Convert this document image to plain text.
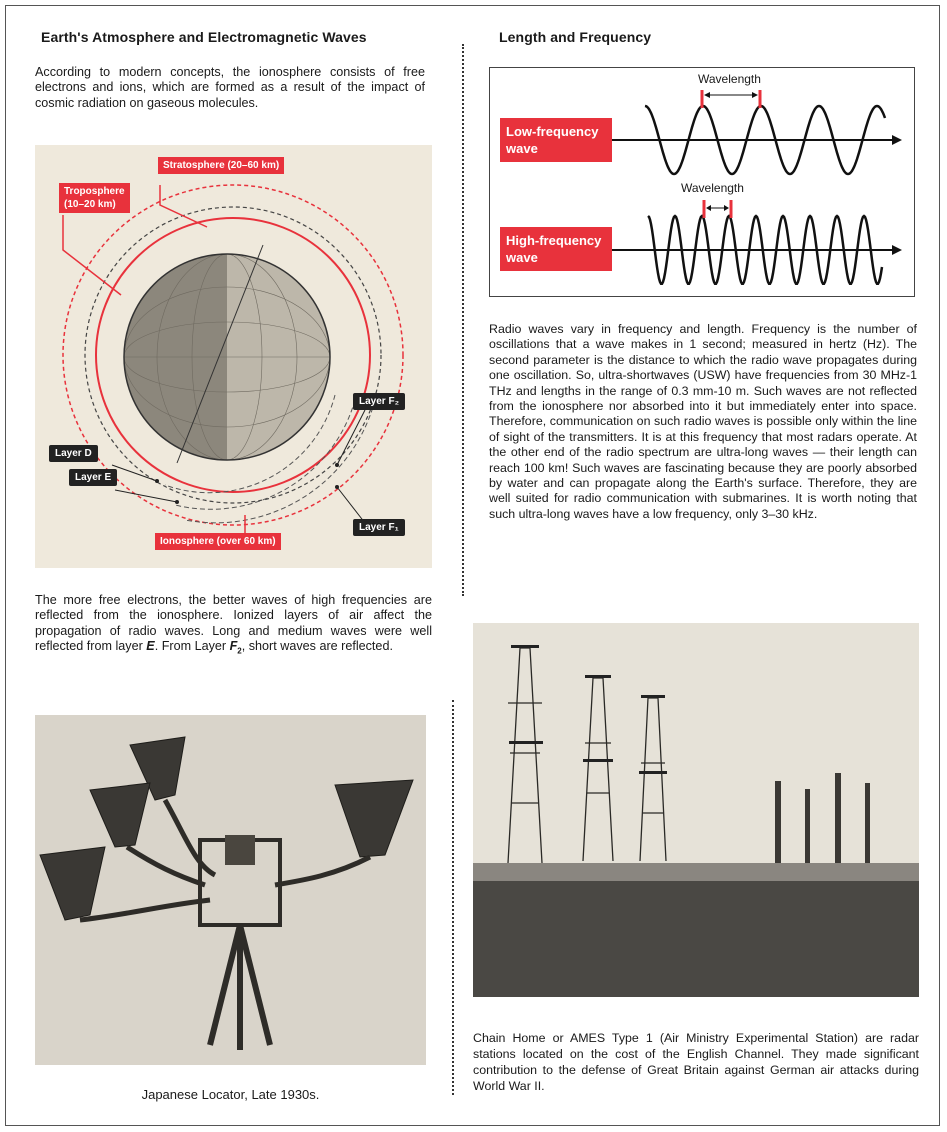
Earth's Atmosphere and Electromagnetic Waves
According to modern concepts, the ionosphere consists of free electrons and ions, which are formed as a result of the impact of cosmic radiation on gaseous molecules.
Stratosphere (20–60 km)
Troposphere
(10–20 km)
Layer F₂
Layer D
Layer E
Layer F₁
Ionosphere (over 60 km)
The more free electrons, the better waves of high frequencies are reflected from the ionosphere. Ionized layers of air affect the propagation of radio waves. Long and medium waves were well reflected from layer E. From Layer $F_2$, short waves are reflected.
Japanese Locator, Late 1930s.
Length and Frequency
Wavelength
Wavelength
Low-frequency
wave
High-frequency
wave
Radio waves vary in frequency and length. Frequency is the number of oscillations that a wave makes in 1 second; measured in hertz (Hz). The second parameter is the distance to which the radio wave propagates during one oscillation. So, ultra-shortwaves (USW) have frequencies from 30 MHz-1 THz and lengths in the range of 0.3 mm-10 m. Such waves are not reflected from the ionosphere nor absorbed into it but immediately enter into space. Therefore, communication on such radio waves is possible only within the line of sight of the transmitters. It is at this frequency that most radars operate. At the other end of the radio spectrum are ultra-long waves — their length can reach 100 km! Such waves are fascinating because they are poorly absorbed by water and can propagate along the Earth's surface. Therefore, they are well suited for radio communication with submarines. It is worth noting that such ultra-long waves have a low frequency, only 3–30 kHz.
Chain Home or AMES Type 1 (Air Ministry Experimental Station) are radar stations located on the cost of the English Channel. They made significant contribution to the defense of Great Britain against German air attacks during World War II.
